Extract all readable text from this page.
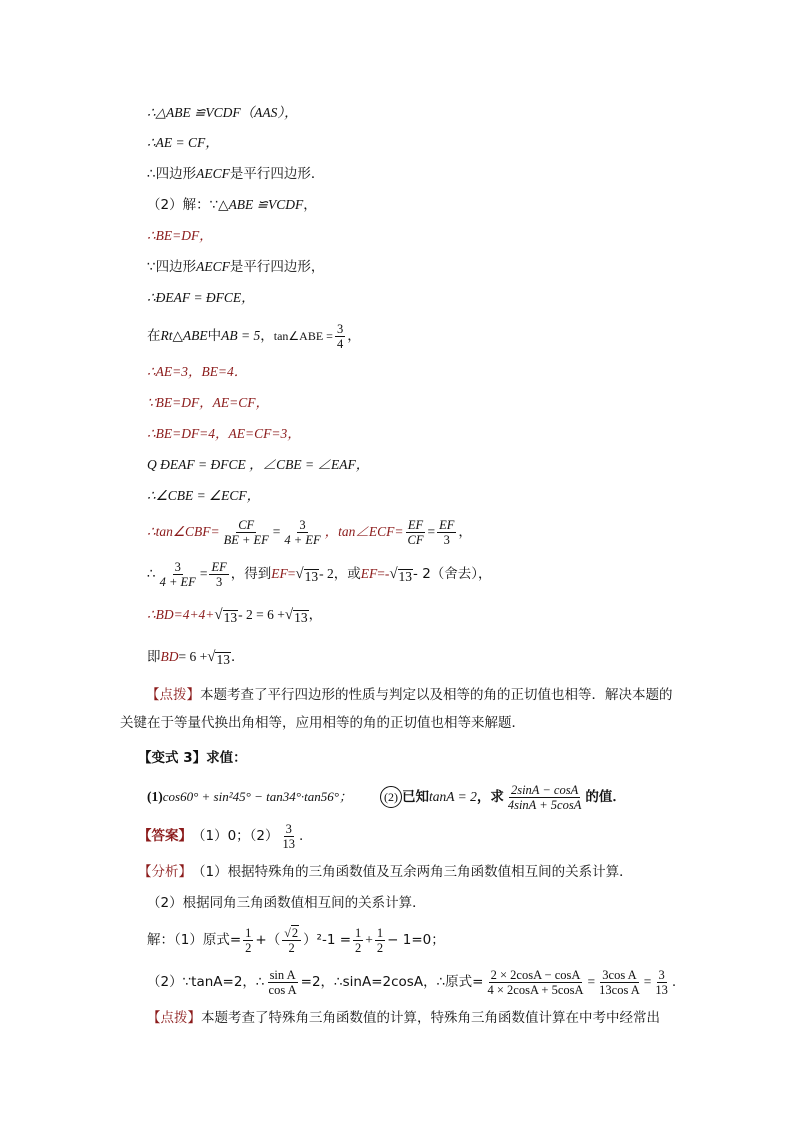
∴△ABE ≌VCDF（AAS），
∴AE = CF，
∴四边形 AECF 是平行四边形．
（2）解：∵△ ABE ≌VCDF ，
∴BE=DF，
∵四边形 AECF 是平行四边形，
∴ÐEAF = ÐFCE，
在 Rt △ ABE 中 AB = 5 ， tan∠ABE = $\frac{3}{4}$ ，
∴AE=3，BE=4．
∵BE=DF，AE=CF，
∴BE=DF=4，AE=CF=3，
Q ÐEAF = ÐFCE ，∠CBE = ∠EAF，
∴∠CBE = ∠ECF，
∴tan∠CBF= $\frac{CF}{BE + EF} = \frac{3}{4 + EF}$ ，tan∠ECF= $\frac{EF}{CF} = \frac{EF}{3}$ ，
∴ $\frac{3}{4 + EF} = \frac{EF}{3}$ ，得到 EF = √ 13 - 2，或 EF =- √ 13 - 2（舍去），
∴BD=4+4+ √ 13 - 2 = 6 + √ 13 ，
即 BD = 6 + √ 13 ．
【点拨】本题考查了平行四边形的性质与判定以及相等的角的正切值也相等．解决本题的关键在于等量代换出角相等，应用相等的角的正切值也相等来解题．
【变式 3】 求值：
(1) cos60° + sin²45° − tan34°·tan56°；	(2) 已知 tanA = 2 ，求 $\frac{2\sin A - \cos A}{4\sin A + 5\cos A}$ 的值．
【答案】 （1）0；$(2) \frac{3}{13}$ .
【分析】 （1）根据特殊角的三角函数值及互余两角三角函数值相互间的关系计算．
（2）根据同角三角函数值相互间的关系计算．
解：（1）原式= $\frac{1}{2}$ +（ $\frac{√ 2}{2} )^2-1 = \frac{1}{2} + \frac{1}{2} - 1=0$；
（2）∵tanA=2，∴ $\frac{\text{sin A}}{\text{cos A}} =2$，∴sinA=2cosA，∴原式= $\frac{2 \times 2\cos A - \cos A}{4 \times 2\cos A + 5\cos A} = \frac{\text{3cos A}}{\text{13cos A}} = \frac{3}{13}$ .
【点拨】 本题考查了特殊角三角函数值的计算，特殊角三角函数值计算在中考中经常出
